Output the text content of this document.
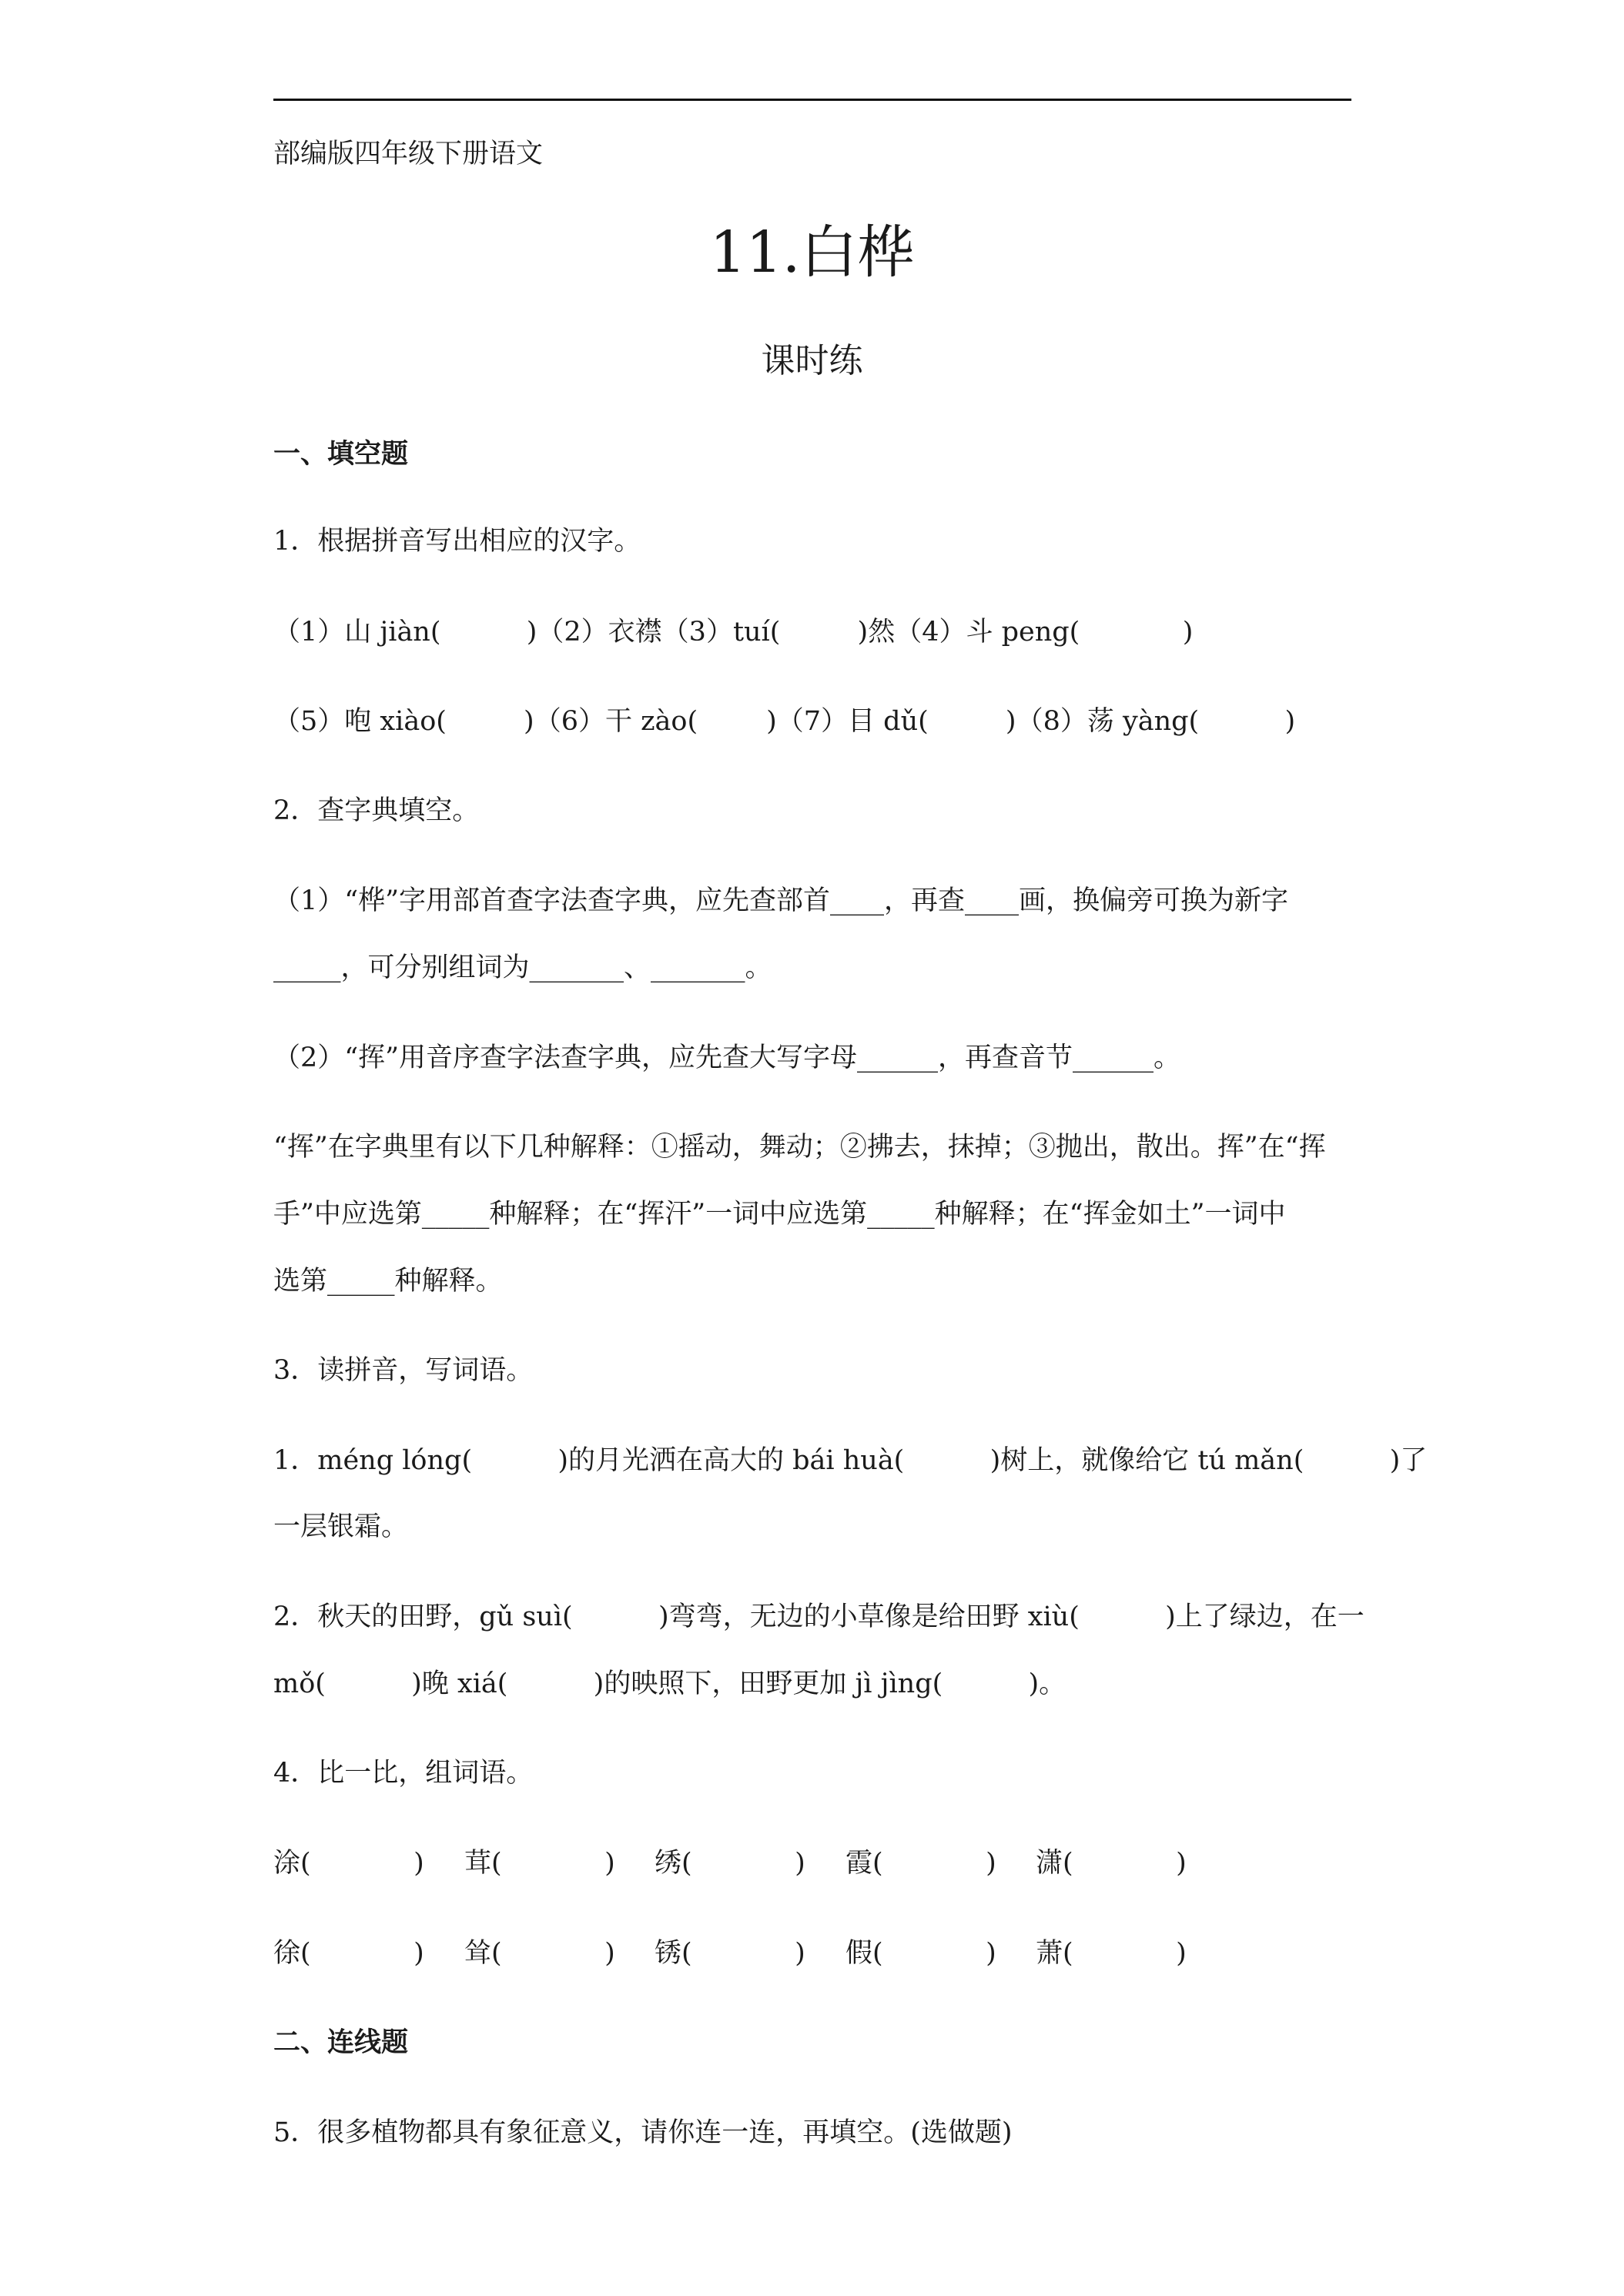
部编版四年级下册语文
11.白桦
课时练
一、填空题
1．根据拼音写出相应的汉字。
（1）山 jiàn(          )（2）衣襟（3）tuí(         )然（4）斗 peng(            )
（5）咆 xiào(         )（6）干 zào(        )（7）目 dǔ(         )（8）荡 yàng(          )
2．查字典填空。
（1）“桦”字用部首查字法查字典，应先查部首____，再查____画，换偏旁可换为新字
_____，可分别组词为_______、_______。
（2）“挥”用音序查字法查字典，应先查大写字母______，再查音节______。
“挥”在字典里有以下几种解释：①摇动，舞动；②拂去，抹掉；③抛出，散出。挥”在“挥
手”中应选第_____种解释；在“挥汗”一词中应选第_____种解释；在“挥金如土”一词中
选第_____种解释。
3．读拼音，写词语。
1．méng lóng(          )的月光洒在高大的 bái huà(          )树上，就像给它 tú mǎn(          )了
一层银霜。
2．秋天的田野，gǔ suì(          )弯弯，无边的小草像是给田野 xiù(          )上了绿边，在一
mǒ(          )晚 xiá(          )的映照下，田野更加 jì jìng(          )。
4．比一比，组词语。
涂(            ) 茸(            ) 绣(            ) 霞(            ) 潇(            )
徐(            ) 耸(            ) 锈(            ) 假(            ) 萧(            )
二、连线题
5．很多植物都具有象征意义，请你连一连，再填空。(选做题)
